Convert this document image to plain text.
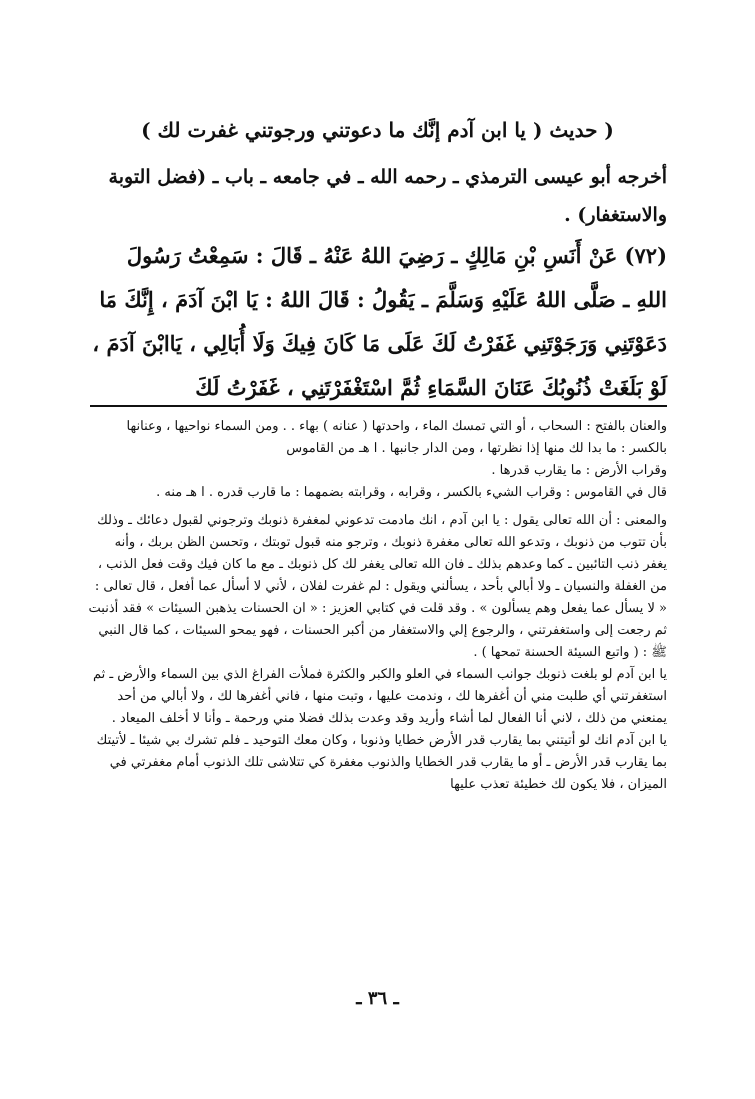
( حديث ( يا ابن آدم إنَّك ما دعوتني ورجوتني غفرت لك )
أخرجه أبو عيسى الترمذي ـ رحمه الله ـ في جامعه ـ باب ـ (فضل التوبة والاستغفار) .
(٧٢) عَنْ أَنَسِ بْنِ مَالِكٍ ـ رَضِيَ اللهُ عَنْهُ ـ قَالَ : سَمِعْتُ رَسُولَ اللهِ ـ صَلَّى اللهُ عَلَيْهِ وَسَلَّمَ ـ يَقُولُ : قَالَ اللهُ : يَا ابْنَ آدَمَ ، إِنَّكَ مَا دَعَوْتَنِي وَرَجَوْتَنِي غَفَرْتُ لَكَ عَلَى مَا كَانَ فِيكَ وَلَا أُبَالِي ، يَاابْنَ آدَمَ ، لَوْ بَلَغَتْ ذُنُوبُكَ عَنَانَ السَّمَاءِ ثُمَّ اسْتَغْفَرْتَنِي ، غَفَرْتُ لَكَ

والعنان بالفتح : السحاب ، أو التي تمسك الماء ، واحدتها ( عنانه ) بهاء . . ومن السماء نواحيها ، وعنانها بالكسر : ما بدا لك منها إذا نظرتها ، ومن الدار جانبها . ا هـ من القاموس

وقراب الأرض : ما يقارب قدرها .

قال في القاموس : وقراب الشيء بالكسر ، وقرابه ، وقرابته بضمهما : ما قارب قدره . ا هـ منه .

والمعنى : أن الله تعالى يقول : يا ابن آدم ، انك مادمت تدعوني لمغفرة ذنوبك وترجوني لقبول دعائك ـ وذلك بأن تتوب من ذنوبك ، وتدعو الله تعالى مغفرة ذنوبك ، وترجو منه قبول توبتك ، وتحسن الظن بربك ، وأنه يغفر ذنب التائبين ـ كما وعدهم بذلك ـ فان الله تعالى يغفر لك كل ذنوبك ـ مع ما كان فيك وقت فعل الذنب ، من الغفلة والنسيان ـ ولا أبالي بأحد ، يسألني ويقول : لم غفرت لفلان ، لأني لا أسأل عما أفعل ، قال تعالى : « لا يسأل عما يفعل وهم يسألون » . وقد قلت في كتابي العزيز : « ان الحسنات يذهبن السيئات » فقد أذنبت ثم رجعت إلى واستغفرتني ، والرجوع إلي والاستغفار من أكبر الحسنات ، فهو يمحو السيئات ، كما قال النبي ﷺ : ( واتبع السيئة الحسنة تمحها ) .

يا ابن آدم لو بلغت ذنوبك جوانب السماء في العلو والكبر والكثرة فملأت الفراغ الذي بين السماء والأرض ـ ثم استغفرتني أي طلبت مني أن أغفرها لك ، وندمت عليها ، وتبت منها ، فاني أغفرها لك ، ولا أبالي من أحد يمنعني من ذلك ، لاني أنا الفعال لما أشاء وأريد وقد وعدت بذلك فضلا مني ورحمة ـ وأنا لا أخلف الميعاد .

يا ابن آدم انك لو أتيتني بما يقارب قدر الأرض خطايا وذنوبا ، وكان معك التوحيد ـ فلم تشرك بي شيئا ـ لأتيتك بما يقارب قدر الأرض ـ أو ما يقارب قدر الخطايا والذنوب مغفرة كي تتلاشى تلك الذنوب أمام مغفرتي في الميزان ، فلا يكون لك خطيئة تعذب عليها

ـ ٣٦ ـ
